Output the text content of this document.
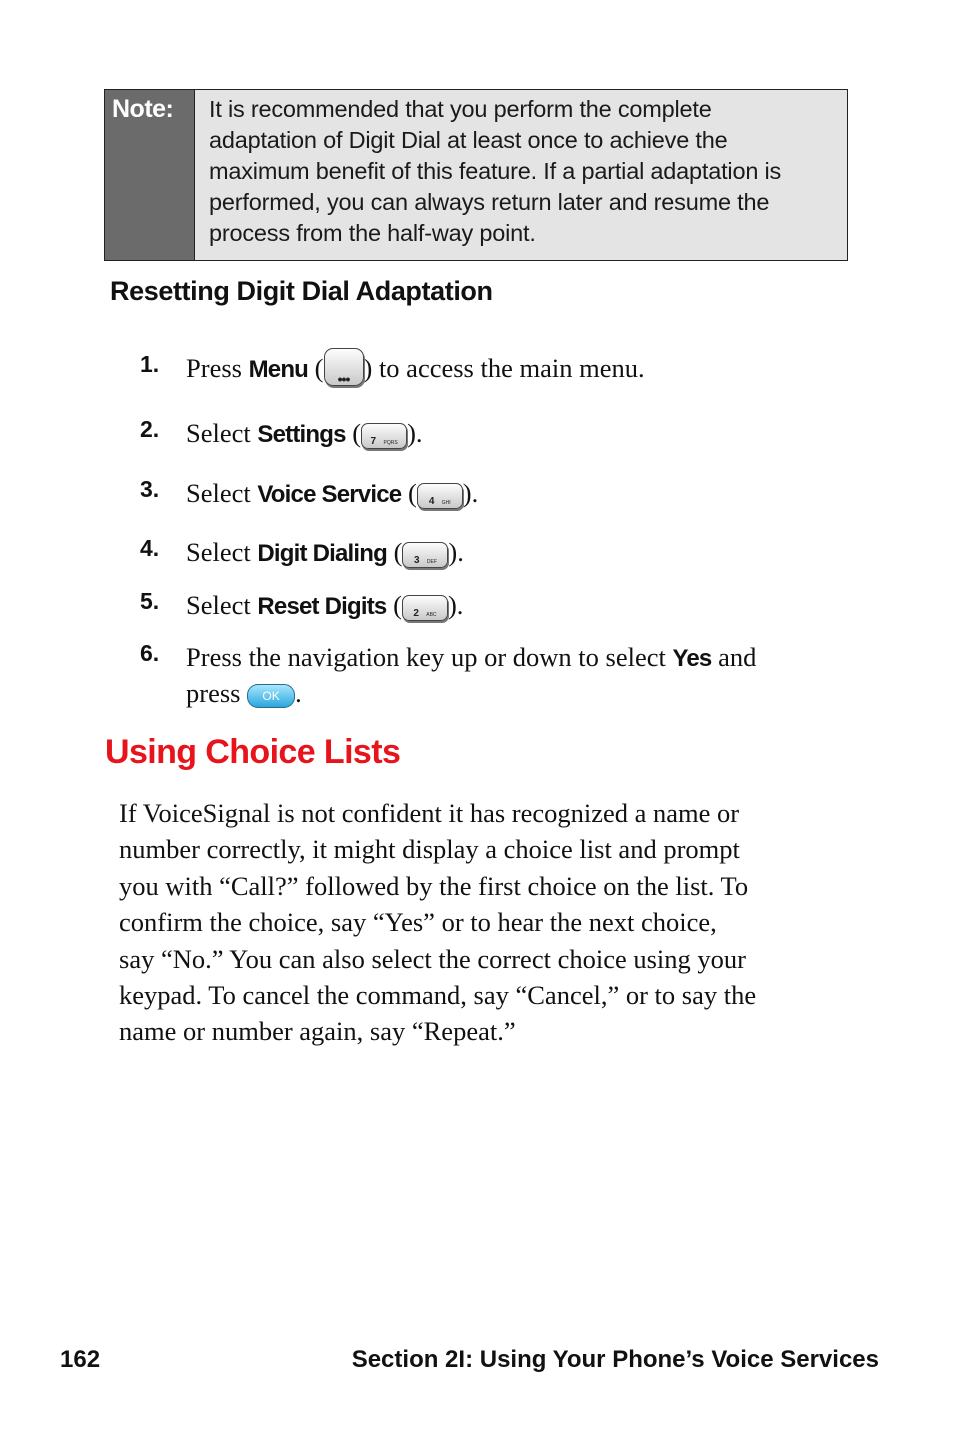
Note:	It is recommended that you perform the complete
adaptation of Digit Dial at least once to achieve the
maximum benefit of this feature. If a partial adaptation is
performed, you can always return later and resume the
process from the half-way point.
Resetting Digit Dial Adaptation
1.	Press Menu (	••• ) to access the main menu.
2.	Select Settings ( 7 PQRS ).
3.	Select Voice Service ( 4 GHI ).
4.	Select Digit Dialing ( 3 DEF ).
5.	Select Reset Digits ( 2 ABC ).
6.	Press the navigation key up or down to select Yes and
press OK .
Using Choice Lists
If VoiceSignal is not confident it has recognized a name or
number correctly, it might display a choice list and prompt
you with “Call?” followed by the first choice on the list. To
confirm the choice, say “Yes” or to hear the next choice,
say “No.” You can also select the correct choice using your
keypad. To cancel the command, say “Cancel,” or to say the
name or number again, say “Repeat.”
162	Section 2I: Using Your Phone’s Voice Services
